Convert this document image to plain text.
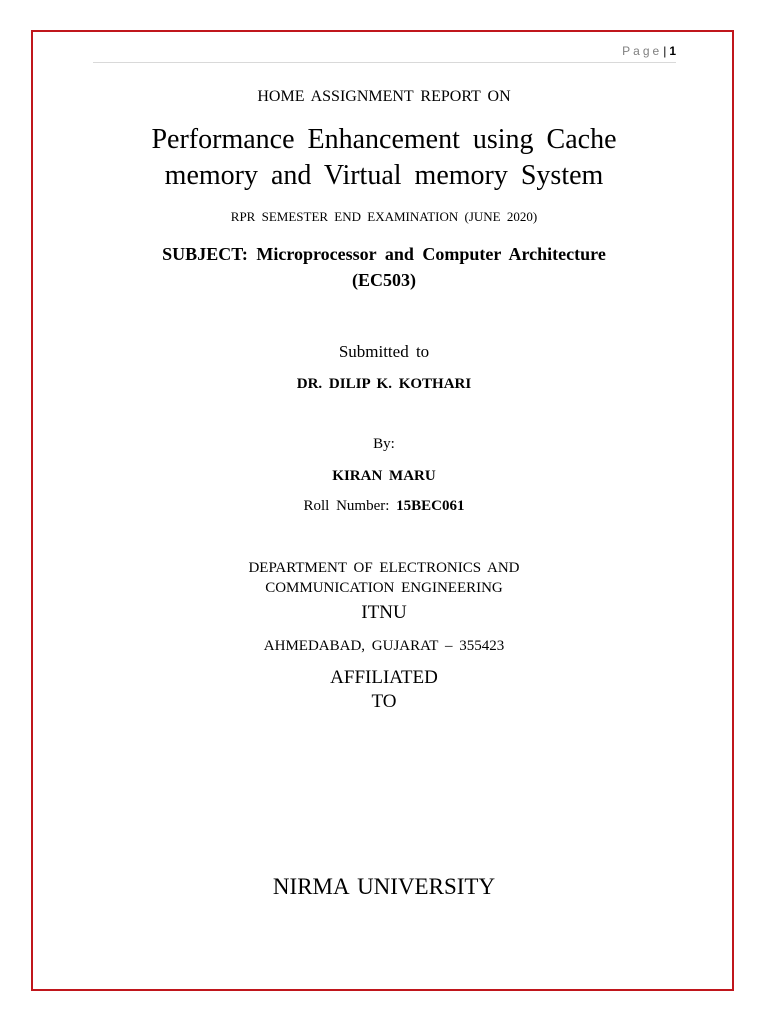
Page| 1
HOME ASSIGNMENT REPORT ON
Performance Enhancement using Cache
memory and Virtual memory System
RPR SEMESTER END EXAMINATION (JUNE 2020)
SUBJECT: Microprocessor and Computer Architecture
(EC503)
Submitted to
DR. DILIP K. KOTHARI
By:
KIRAN MARU
Roll Number: 15BEC061
DEPARTMENT OF ELECTRONICS AND
COMMUNICATION ENGINEERING
ITNU
AHMEDABAD, GUJARAT – 355423
AFFILIATED
TO
NIRMA UNIVERSITY
